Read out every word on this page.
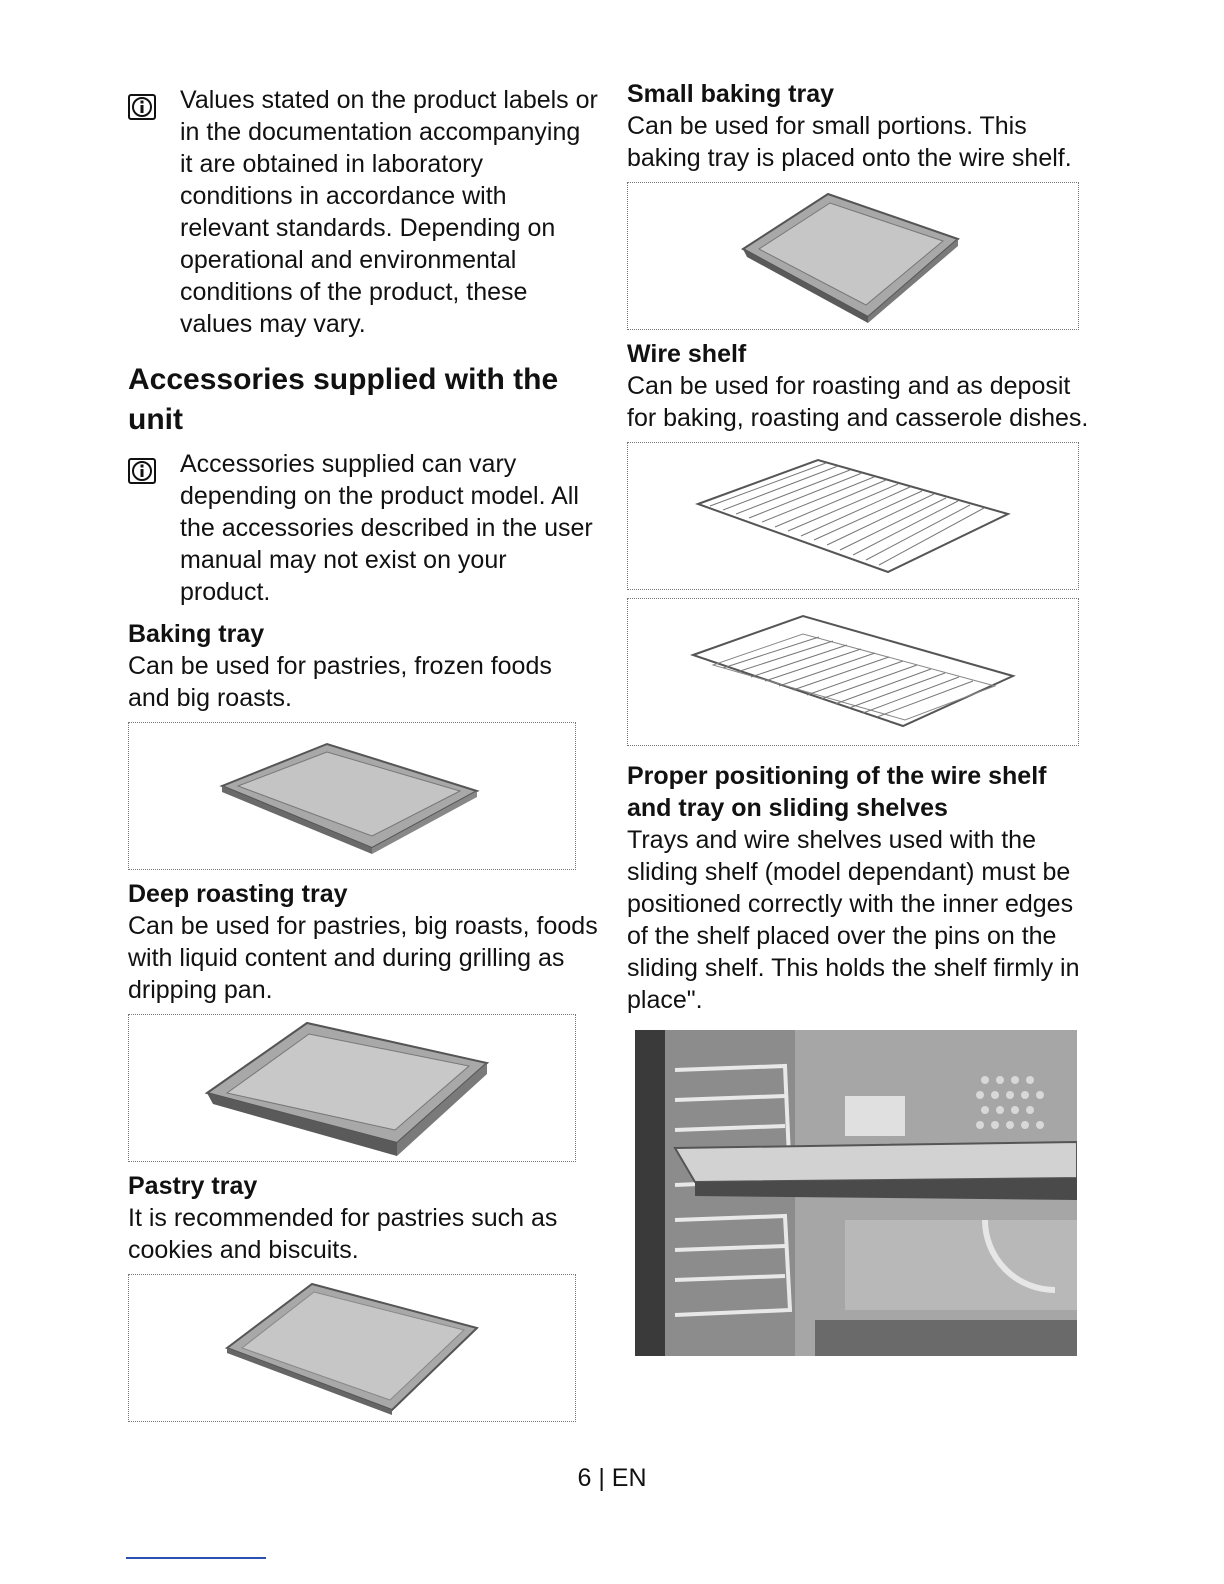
Values stated on the product labels or in the documentation accompanying it are obtained in laboratory conditions in accordance with relevant standards. Depending on operational and environmental conditions of the product, these values may vary.
Accessories supplied with the unit
Accessories supplied can vary depending on the product model. All the accessories described in the user manual may not exist on your product.
Baking tray
Can be used for pastries, frozen foods and big roasts.
Deep roasting tray
Can be used for pastries, big roasts, foods with liquid content and during grilling as dripping pan.
Pastry tray
It is recommended for pastries such as cookies and biscuits.
Small baking tray
Can be used for small portions. This baking tray is placed onto the wire shelf.
Wire shelf
Can be used for roasting and as deposit for baking, roasting and casserole dishes.
Proper positioning of the wire shelf and tray on sliding shelves
Trays and wire shelves used with the sliding shelf (model dependant) must be positioned correctly with the inner edges of the shelf placed over the pins on the sliding shelf. This holds the shelf firmly in place".
6 | EN
